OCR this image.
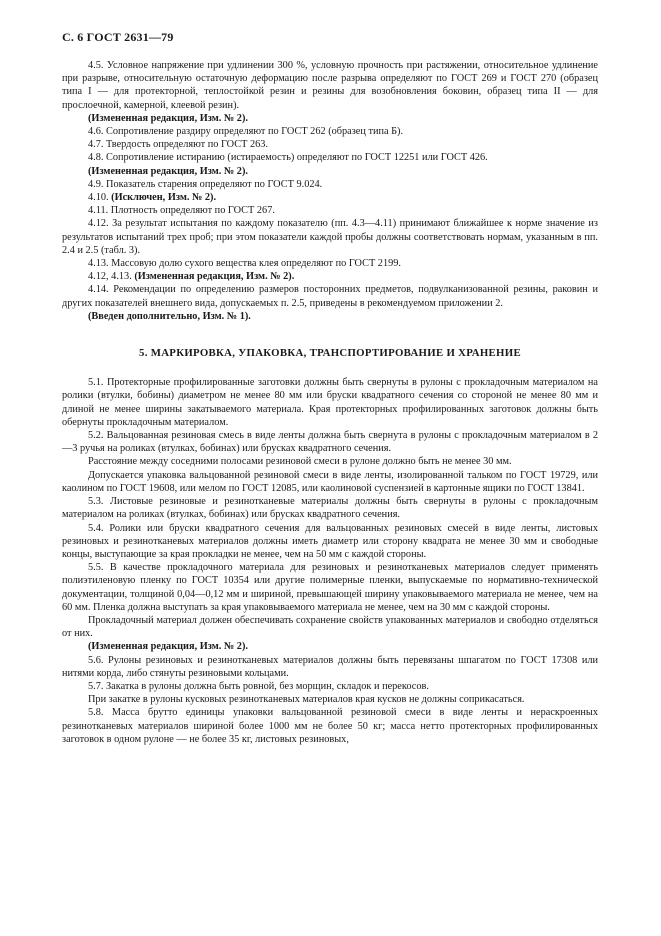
С. 6 ГОСТ 2631—79

4.5. Условное напряжение при удлинении 300 %, условную прочность при растяжении, относительное удлинение при разрыве, относительную остаточную деформацию после разрыва определяют по ГОСТ 269 и ГОСТ 270 (образец типа I — для протекторной, теплостойкой резин и резины для возобновления боковин, образец типа II — для прослоечной, камерной, клеевой резин).

(Измененная редакция, Изм. № 2).

4.6. Сопротивление раздиру определяют по ГОСТ 262 (образец типа Б).

4.7. Твердость определяют по ГОСТ 263.

4.8. Сопротивление истиранию (истираемость) определяют по ГОСТ 12251 или ГОСТ 426.

(Измененная редакция, Изм. № 2).

4.9. Показатель старения определяют по ГОСТ 9.024.

4.10. (Исключен, Изм. № 2).

4.11. Плотность определяют по ГОСТ 267.

4.12. За результат испытания по каждому показателю (пп. 4.3—4.11) принимают ближайшее к норме значение из результатов испытаний трех проб; при этом показатели каждой пробы должны соответствовать нормам, указанным в пп. 2.4 и 2.5 (табл. 3).

4.13. Массовую долю сухого вещества клея определяют по ГОСТ 2199.

4.12, 4.13. (Измененная редакция, Изм. № 2).

4.14. Рекомендации по определению размеров посторонних предметов, подвулканизованной резины, раковин и других показателей внешнего вида, допускаемых п. 2.5, приведены в рекомендуемом приложении 2.

(Введен дополнительно, Изм. № 1).

5. МАРКИРОВКА, УПАКОВКА, ТРАНСПОРТИРОВАНИЕ И ХРАНЕНИЕ

5.1. Протекторные профилированные заготовки должны быть свернуты в рулоны с прокладочным материалом на ролики (втулки, бобины) диаметром не менее 80 мм или бруски квадратного сечения со стороной не менее 80 мм и длиной не менее ширины закатываемого материала. Края протекторных профилированных заготовок должны быть обернуты прокладочным материалом.

5.2. Вальцованная резиновая смесь в виде ленты должна быть свернута в рулоны с прокладочным материалом в 2—3 ручья на роликах (втулках, бобинах) или брусках квадратного сечения.

Расстояние между соседними полосами резиновой смеси в рулоне должно быть не менее 30 мм.

Допускается упаковка вальцованной резиновой смеси в виде ленты, изолированной тальком по ГОСТ 19729, или каолином по ГОСТ 19608, или мелом по ГОСТ 12085, или каолиновой суспензией в картонные ящики по ГОСТ 13841.

5.3. Листовые резиновые и резинотканевые материалы должны быть свернуты в рулоны с прокладочным материалом на роликах (втулках, бобинах) или брусках квадратного сечения.

5.4. Ролики или бруски квадратного сечения для вальцованных резиновых смесей в виде ленты, листовых резиновых и резинотканевых материалов должны иметь диаметр или сторону квадрата не менее 30 мм и свободные концы, выступающие за края прокладки не менее, чем на 50 мм с каждой стороны.

5.5. В качестве прокладочного материала для резиновых и резинотканевых материалов следует применять полиэтиленовую пленку по ГОСТ 10354 или другие полимерные пленки, выпускаемые по нормативно-технической документации, толщиной 0,04—0,12 мм и шириной, превышающей ширину упаковываемого материала не менее, чем на 60 мм. Пленка должна выступать за края упаковываемого материала не менее, чем на 30 мм с каждой стороны.

Прокладочный материал должен обеспечивать сохранение свойств упакованных материалов и свободно отделяться от них.

(Измененная редакция, Изм. № 2).

5.6. Рулоны резиновых и резинотканевых материалов должны быть перевязаны шпагатом по ГОСТ 17308 или нитями корда, либо стянуты резиновыми кольцами.

5.7. Закатка в рулоны должна быть ровной, без морщин, складок и перекосов.

При закатке в рулоны кусковых резинотканевых материалов края кусков не должны соприкасаться.

5.8. Масса брутто единицы упаковки вальцованной резиновой смеси в виде ленты и нераскроенных резинотканевых материалов шириной более 1000 мм не более 50 кг; масса нетто протекторных профилированных заготовок в одном рулоне — не более 35 кг, листовых резиновых,
